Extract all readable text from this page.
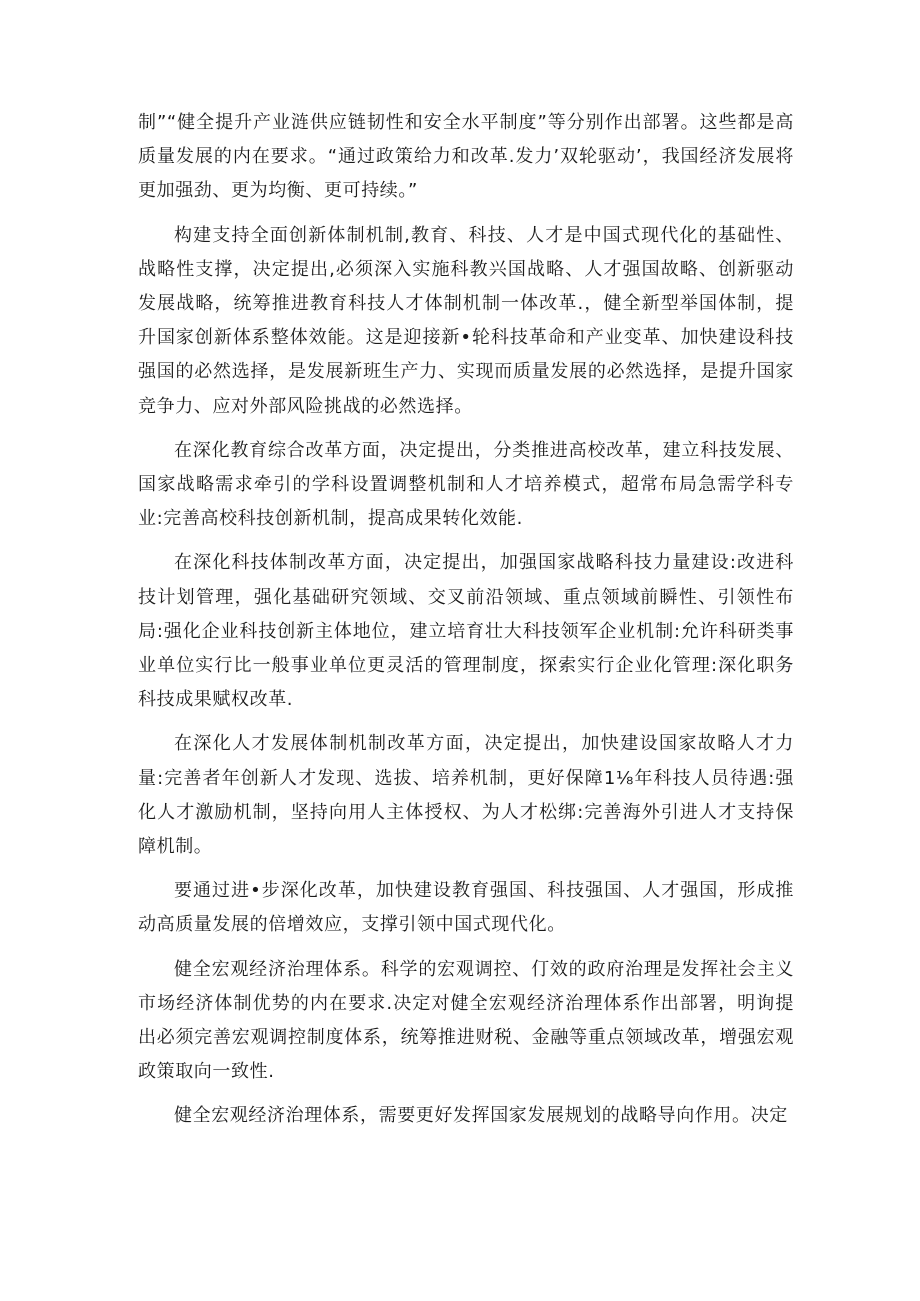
制”“健全提升产业涟供应链韧性和安全水平制度”等分别作出部署。这些都是高质量发展的内在要求。“通过政策给力和改革.发力’双轮驱动’，我国经济发展将更加强劲、更为均衡、更可持续。”

构建支持全面创新体制机制,教育、科技、人才是中国式现代化的基础性、战略性支撑，决定提出,必须深入实施科教兴国战略、人才强国故略、创新驱动发展战略，统筹推进教育科技人才体制机制一体改革.，健全新型举国体制，提升国家创新体系整体效能。这是迎接新•轮科技革命和产业变革、加快建设科技强国的必然选择，是发展新班生产力、实现而质量发展的必然选择，是提升国家竞争力、应对外部风险挑战的必然选择。

在深化教育综合改革方面，决定提出，分类推进高校改革，建立科技发展、国家战略需求牵引的学科设置调整机制和人才培养模式，超常布局急需学科专业:完善高校科技创新机制，提高成果转化效能.

在深化科技体制改革方面，决定提出，加强国家战略科技力量建设:改进科技计划管理，强化基础研究领域、交叉前沿领域、重点领域前瞬性、引领性布局:强化企业科技创新主体地位，建立培育壮大科技领军企业机制:允许科研类事业单位实行比一般事业单位更灵活的管理制度，探索实行企业化管理:深化职务科技成果赋权改革.

在深化人才发展体制机制改革方面，决定提出，加快建设国家故略人才力量:完善者年创新人才发现、选拔、培养机制，更好保障1⅛年科技人员待遇:强化人才激励机制，坚持向用人主体授权、为人才松绑:完善海外引进人才支持保障机制。

要通过进•步深化改革，加快建设教育强国、科技强国、人才强国，形成推动高质量发展的倍增效应，支撑引领中国式现代化。

健全宏观经济治理体系。科学的宏观调控、仃效的政府治理是发挥社会主义市场经济体制优势的内在要求.决定对健全宏观经济治理体系作出部署，明询提出必须完善宏观调控制度体系，统筹推进财税、金融等重点领域改革，增强宏观政策取向一致性.

健全宏观经济治理体系，需要更好发挥国家发展规划的战略导向作用。决定
